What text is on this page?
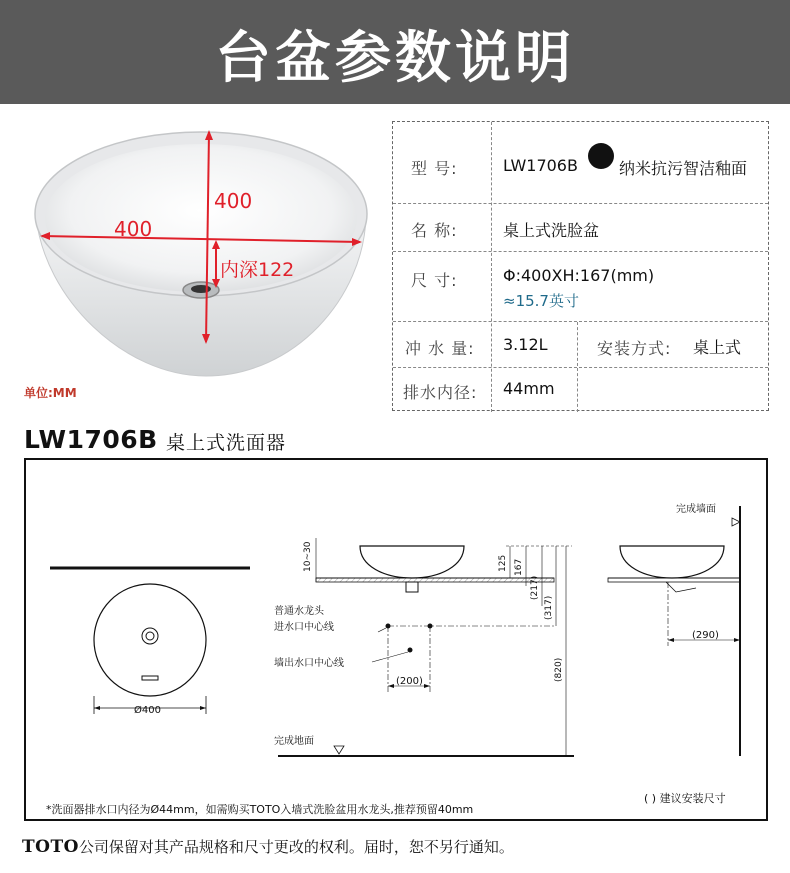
台盆参数说明
400
400
内深122
单位:MM
型 号:	LW1706B	纳米抗污智洁釉面
名 称:	桌上式洗脸盆
尺 寸:	Φ:400XH:167(mm)
≈15.7英寸
冲 水 量: 3.12L	安装方式: 桌上式
排水内径: 44mm
LW1706B 桌上式洗面器
Ø400
10~30	125 167
(217)
(317)
(820)
普通水龙头
进水口中心线
墙出水口中心线
(200)
完成地面
完成墙面
(290)
*洗面器排水口内径为Ø44mm，如需购买TOTO入墙式洗脸盆用水龙头,推荐预留40mm
( ) 建议安装尺寸
TOTO公司保留对其产品规格和尺寸更改的权利。届时，恕不另行通知。
